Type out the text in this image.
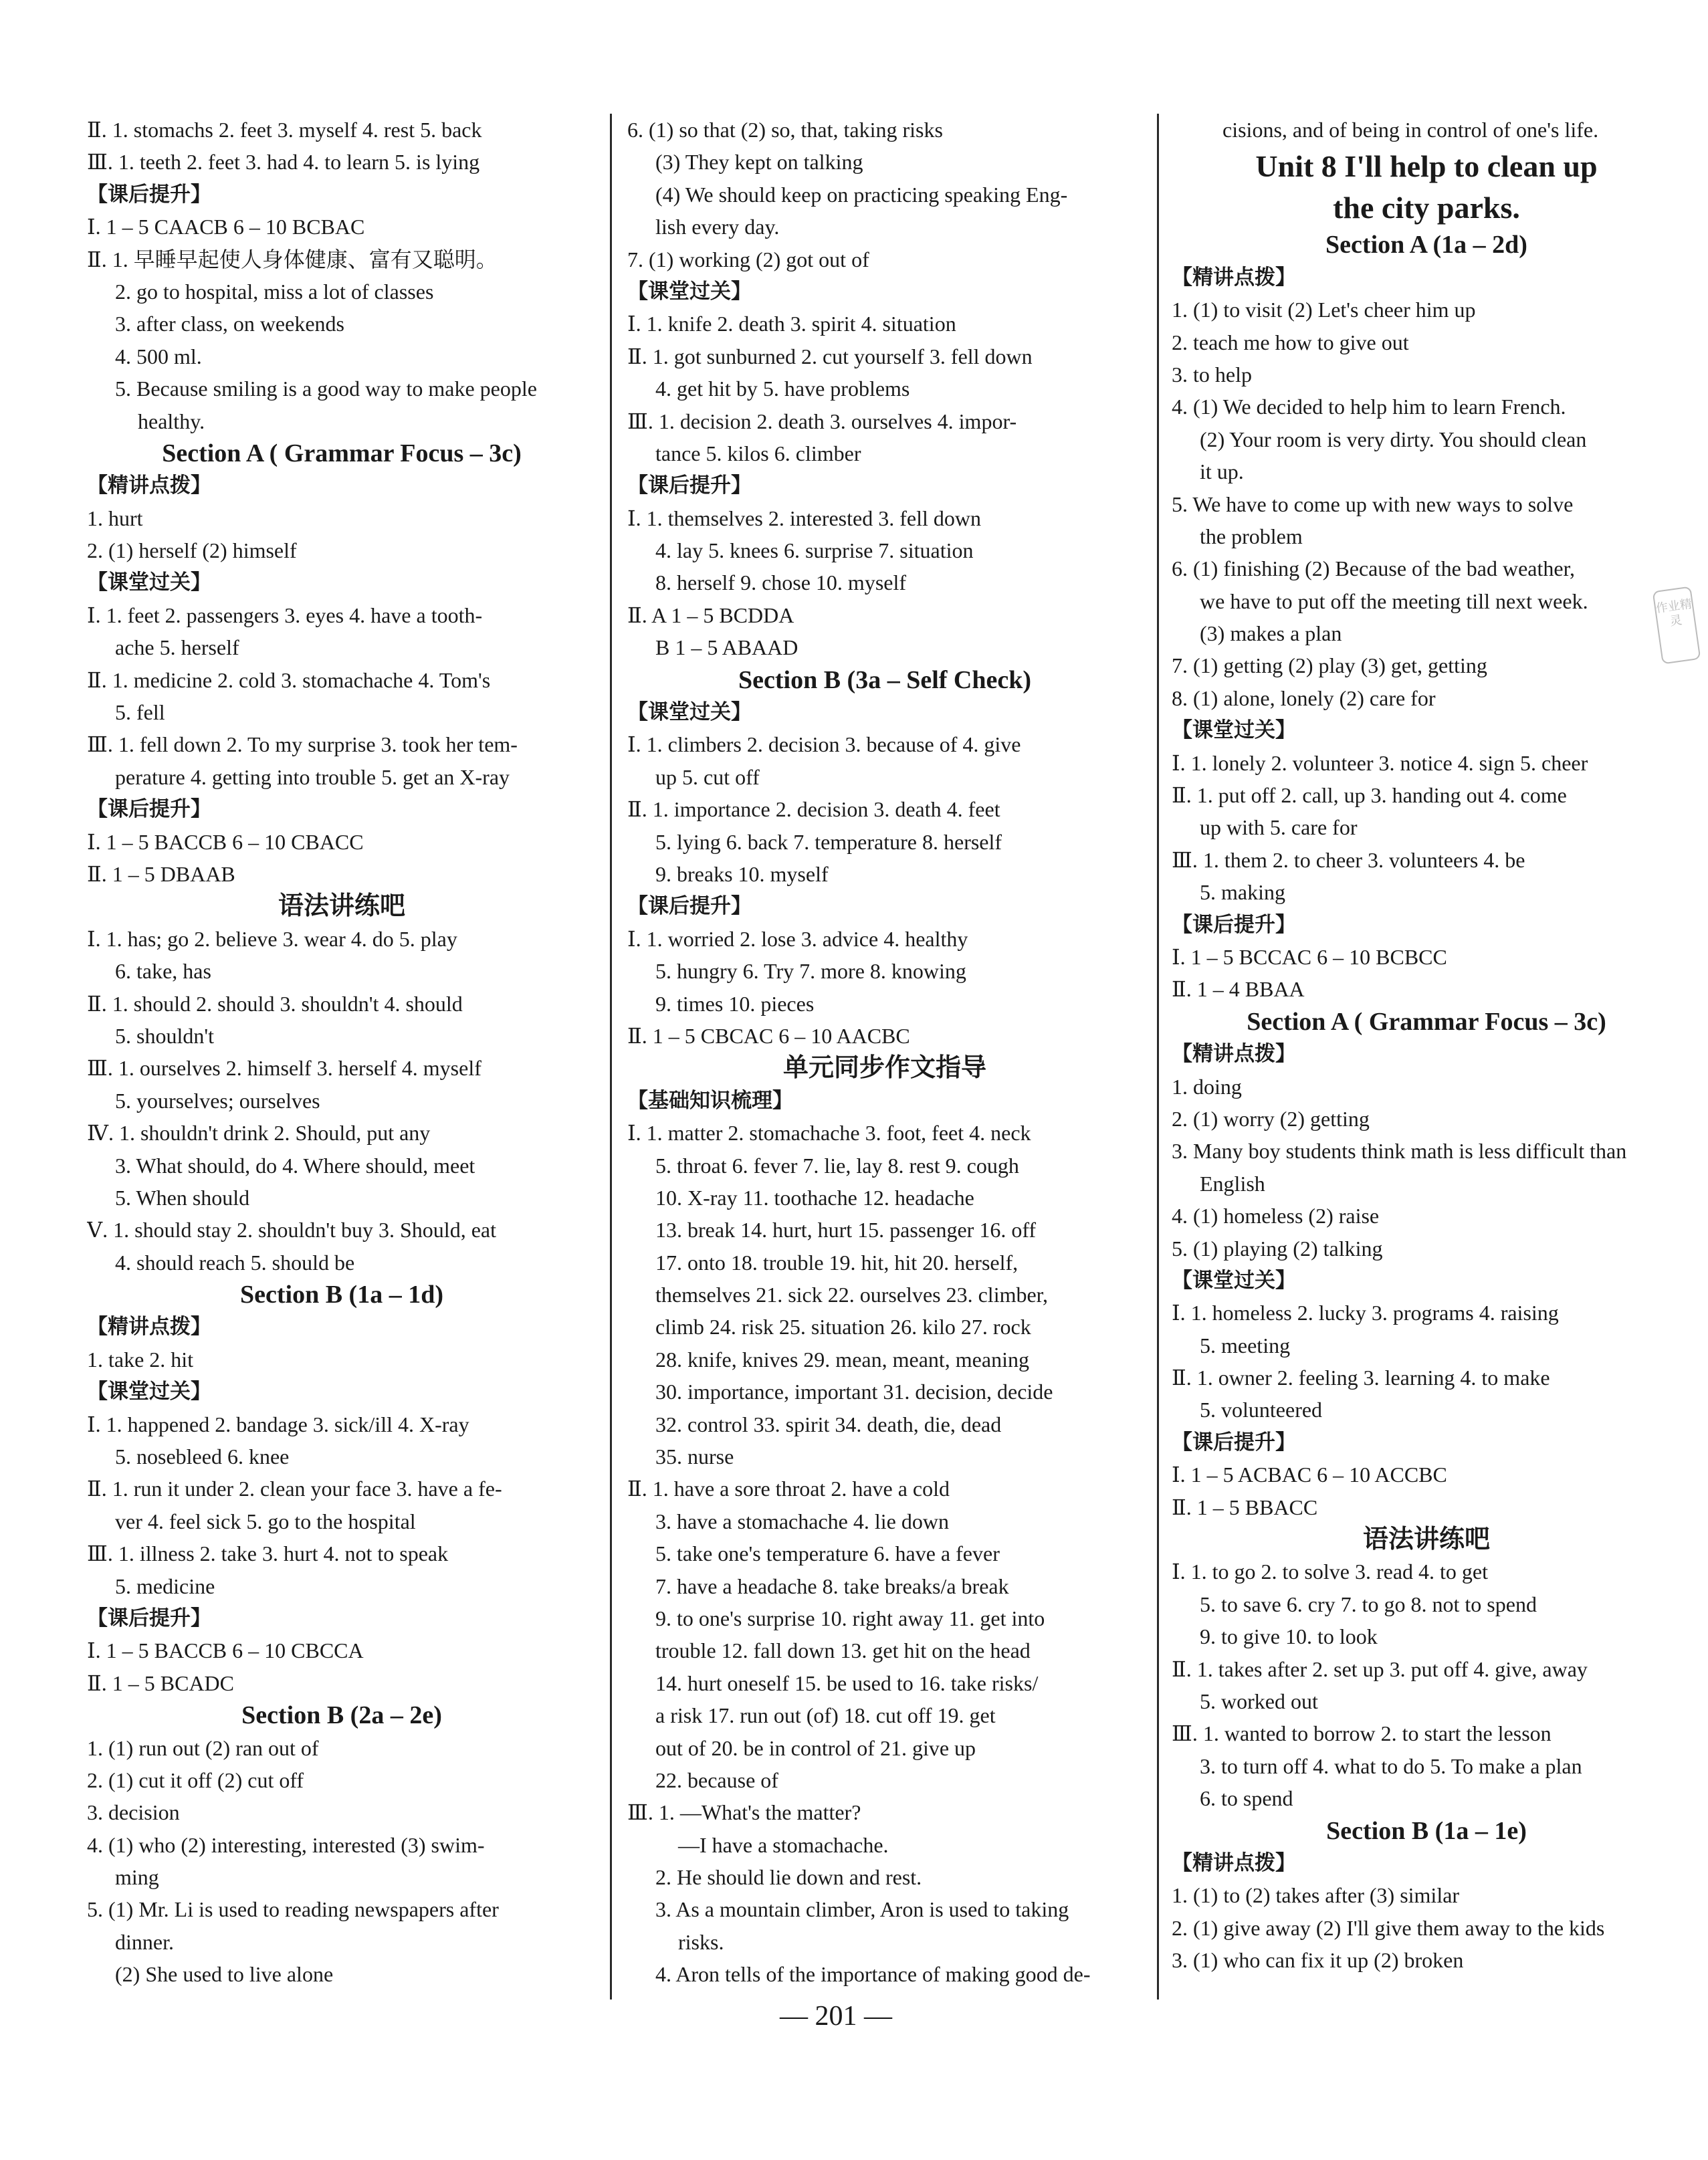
Ⅱ. 1. stomachs 2. feet 3. myself 4. rest 5. back
Ⅲ. 1. teeth 2. feet 3. had 4. to learn 5. is lying
【课后提升】
Ⅰ. 1 – 5 CAACB 6 – 10 BCBAC
Ⅱ. 1. 早睡早起使人身体健康、富有又聪明。
2. go to hospital, miss a lot of classes
3. after class, on weekends
4. 500 ml.
5. Because smiling is a good way to make people
healthy.
Section A ( Grammar Focus – 3c)
【精讲点拨】
1. hurt
2. (1) herself (2) himself
【课堂过关】
Ⅰ. 1. feet 2. passengers 3. eyes 4. have a tooth-
ache 5. herself
Ⅱ. 1. medicine 2. cold 3. stomachache 4. Tom's
5. fell
Ⅲ. 1. fell down 2. To my surprise 3. took her tem-
perature 4. getting into trouble 5. get an X-ray
【课后提升】
Ⅰ. 1 – 5 BACCB 6 – 10 CBACC
Ⅱ. 1 – 5 DBAAB
语法讲练吧
Ⅰ. 1. has; go 2. believe 3. wear 4. do 5. play
6. take, has
Ⅱ. 1. should 2. should 3. shouldn't 4. should
5. shouldn't
Ⅲ. 1. ourselves 2. himself 3. herself 4. myself
5. yourselves; ourselves
Ⅳ. 1. shouldn't drink 2. Should, put any
3. What should, do 4. Where should, meet
5. When should
Ⅴ. 1. should stay 2. shouldn't buy 3. Should, eat
4. should reach 5. should be
Section B (1a – 1d)
【精讲点拨】
1. take 2. hit
【课堂过关】
Ⅰ. 1. happened 2. bandage 3. sick/ill 4. X-ray
5. nosebleed 6. knee
Ⅱ. 1. run it under 2. clean your face 3. have a fe-
ver 4. feel sick 5. go to the hospital
Ⅲ. 1. illness 2. take 3. hurt 4. not to speak
5. medicine
【课后提升】
Ⅰ. 1 – 5 BACCB 6 – 10 CBCCA
Ⅱ. 1 – 5 BCADC
Section B (2a – 2e)
1. (1) run out (2) ran out of
2. (1) cut it off (2) cut off
3. decision
4. (1) who (2) interesting, interested (3) swim-
ming
5. (1) Mr. Li is used to reading newspapers after
dinner.
(2) She used to live alone
6. (1) so that (2) so, that, taking risks
(3) They kept on talking
(4) We should keep on practicing speaking Eng-
lish every day.
7. (1) working (2) got out of
【课堂过关】
Ⅰ. 1. knife 2. death 3. spirit 4. situation
Ⅱ. 1. got sunburned 2. cut yourself 3. fell down
4. get hit by 5. have problems
Ⅲ. 1. decision 2. death 3. ourselves 4. impor-
tance 5. kilos 6. climber
【课后提升】
Ⅰ. 1. themselves 2. interested 3. fell down
4. lay 5. knees 6. surprise 7. situation
8. herself 9. chose 10. myself
Ⅱ. A 1 – 5 BCDDA
B 1 – 5 ABAAD
Section B (3a – Self Check)
【课堂过关】
Ⅰ. 1. climbers 2. decision 3. because of 4. give
up 5. cut off
Ⅱ. 1. importance 2. decision 3. death 4. feet
5. lying 6. back 7. temperature 8. herself
9. breaks 10. myself
【课后提升】
Ⅰ. 1. worried 2. lose 3. advice 4. healthy
5. hungry 6. Try 7. more 8. knowing
9. times 10. pieces
Ⅱ. 1 – 5 CBCAC 6 – 10 AACBC
单元同步作文指导
【基础知识梳理】
Ⅰ. 1. matter 2. stomachache 3. foot, feet 4. neck
5. throat 6. fever 7. lie, lay 8. rest 9. cough
10. X-ray 11. toothache 12. headache
13. break 14. hurt, hurt 15. passenger 16. off
17. onto 18. trouble 19. hit, hit 20. herself,
themselves 21. sick 22. ourselves 23. climber,
climb 24. risk 25. situation 26. kilo 27. rock
28. knife, knives 29. mean, meant, meaning
30. importance, important 31. decision, decide
32. control 33. spirit 34. death, die, dead
35. nurse
Ⅱ. 1. have a sore throat 2. have a cold
3. have a stomachache 4. lie down
5. take one's temperature 6. have a fever
7. have a headache 8. take breaks/a break
9. to one's surprise 10. right away 11. get into
trouble 12. fall down 13. get hit on the head
14. hurt oneself 15. be used to 16. take risks/
a risk 17. run out (of) 18. cut off 19. get
out of 20. be in control of 21. give up
22. because of
Ⅲ. 1. —What's the matter?
—I have a stomachache.
2. He should lie down and rest.
3. As a mountain climber, Aron is used to taking
risks.
4. Aron tells of the importance of making good de-
cisions, and of being in control of one's life.
Unit 8 I'll help to clean up
the city parks.
Section A (1a – 2d)
【精讲点拨】
1. (1) to visit (2) Let's cheer him up
2. teach me how to give out
3. to help
4. (1) We decided to help him to learn French.
(2) Your room is very dirty. You should clean
it up.
5. We have to come up with new ways to solve
the problem
6. (1) finishing (2) Because of the bad weather,
we have to put off the meeting till next week.
(3) makes a plan
7. (1) getting (2) play (3) get, getting
8. (1) alone, lonely (2) care for
【课堂过关】
Ⅰ. 1. lonely 2. volunteer 3. notice 4. sign 5. cheer
Ⅱ. 1. put off 2. call, up 3. handing out 4. come
up with 5. care for
Ⅲ. 1. them 2. to cheer 3. volunteers 4. be
5. making
【课后提升】
Ⅰ. 1 – 5 BCCAC 6 – 10 BCBCC
Ⅱ. 1 – 4 BBAA
Section A ( Grammar Focus – 3c)
【精讲点拨】
1. doing
2. (1) worry (2) getting
3. Many boy students think math is less difficult than
English
4. (1) homeless (2) raise
5. (1) playing (2) talking
【课堂过关】
Ⅰ. 1. homeless 2. lucky 3. programs 4. raising
5. meeting
Ⅱ. 1. owner 2. feeling 3. learning 4. to make
5. volunteered
【课后提升】
Ⅰ. 1 – 5 ACBAC 6 – 10 ACCBC
Ⅱ. 1 – 5 BBACC
语法讲练吧
Ⅰ. 1. to go 2. to solve 3. read 4. to get
5. to save 6. cry 7. to go 8. not to spend
9. to give 10. to look
Ⅱ. 1. takes after 2. set up 3. put off 4. give, away
5. worked out
Ⅲ. 1. wanted to borrow 2. to start the lesson
3. to turn off 4. what to do 5. To make a plan
6. to spend
Section B (1a – 1e)
【精讲点拨】
1. (1) to (2) takes after (3) similar
2. (1) give away (2) I'll give them away to the kids
3. (1) who can fix it up (2) broken
作业精灵
— 201 —
